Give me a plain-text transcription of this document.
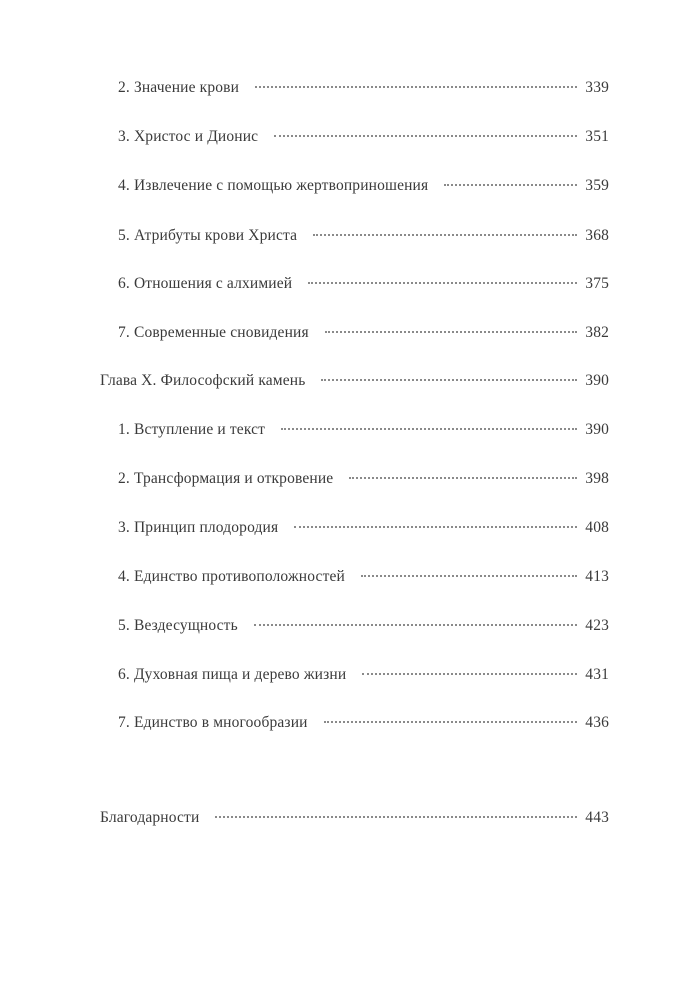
2. Значение крови	339
3. Христос и Дионис	351
4. Извлечение с помощью жертвоприношения	359
5. Атрибуты крови Христа	368
6. Отношения с алхимией	375
7. Современные сновидения	382
Глава X. Философский камень	390
1. Вступление и текст	390
2. Трансформация и откровение	398
3. Принцип плодородия	408
4. Единство противоположностей	413
5. Вездесущность	423
6. Духовная пища и дерево жизни	431
7. Единство в многообразии	436
Благодарности	443
